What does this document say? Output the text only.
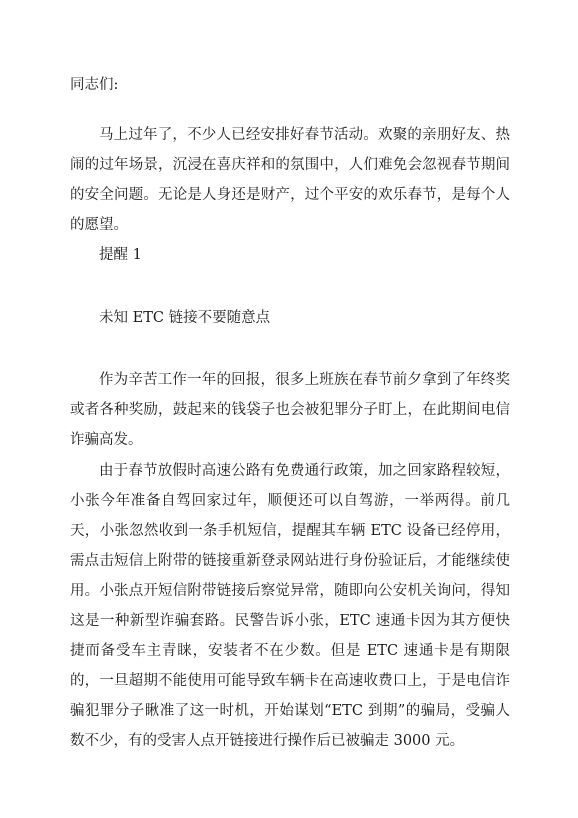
同志们:

马上过年了，不少人已经安排好春节活动。欢聚的亲朋好友、热闹的过年场景，沉浸在喜庆祥和的氛围中，人们难免会忽视春节期间的安全问题。无论是人身还是财产，过个平安的欢乐春节，是每个人的愿望。

提醒 1

未知 ETC 链接不要随意点

作为辛苦工作一年的回报，很多上班族在春节前夕拿到了年终奖或者各种奖励，鼓起来的钱袋子也会被犯罪分子盯上，在此期间电信诈骗高发。

由于春节放假时高速公路有免费通行政策，加之回家路程较短，小张今年准备自驾回家过年，顺便还可以自驾游，一举两得。前几天，小张忽然收到一条手机短信，提醒其车辆 ETC 设备已经停用，需点击短信上附带的链接重新登录网站进行身份验证后，才能继续使用。小张点开短信附带链接后察觉异常，随即向公安机关询问，得知这是一种新型诈骗套路。民警告诉小张，ETC 速通卡因为其方便快捷而备受车主青睐，安装者不在少数。但是 ETC 速通卡是有期限的，一旦超期不能使用可能导致车辆卡在高速收费口上，于是电信诈骗犯罪分子瞅准了这一时机，开始谋划“ETC 到期”的骗局，受骗人数不少，有的受害人点开链接进行操作后已被骗走 3000 元。
